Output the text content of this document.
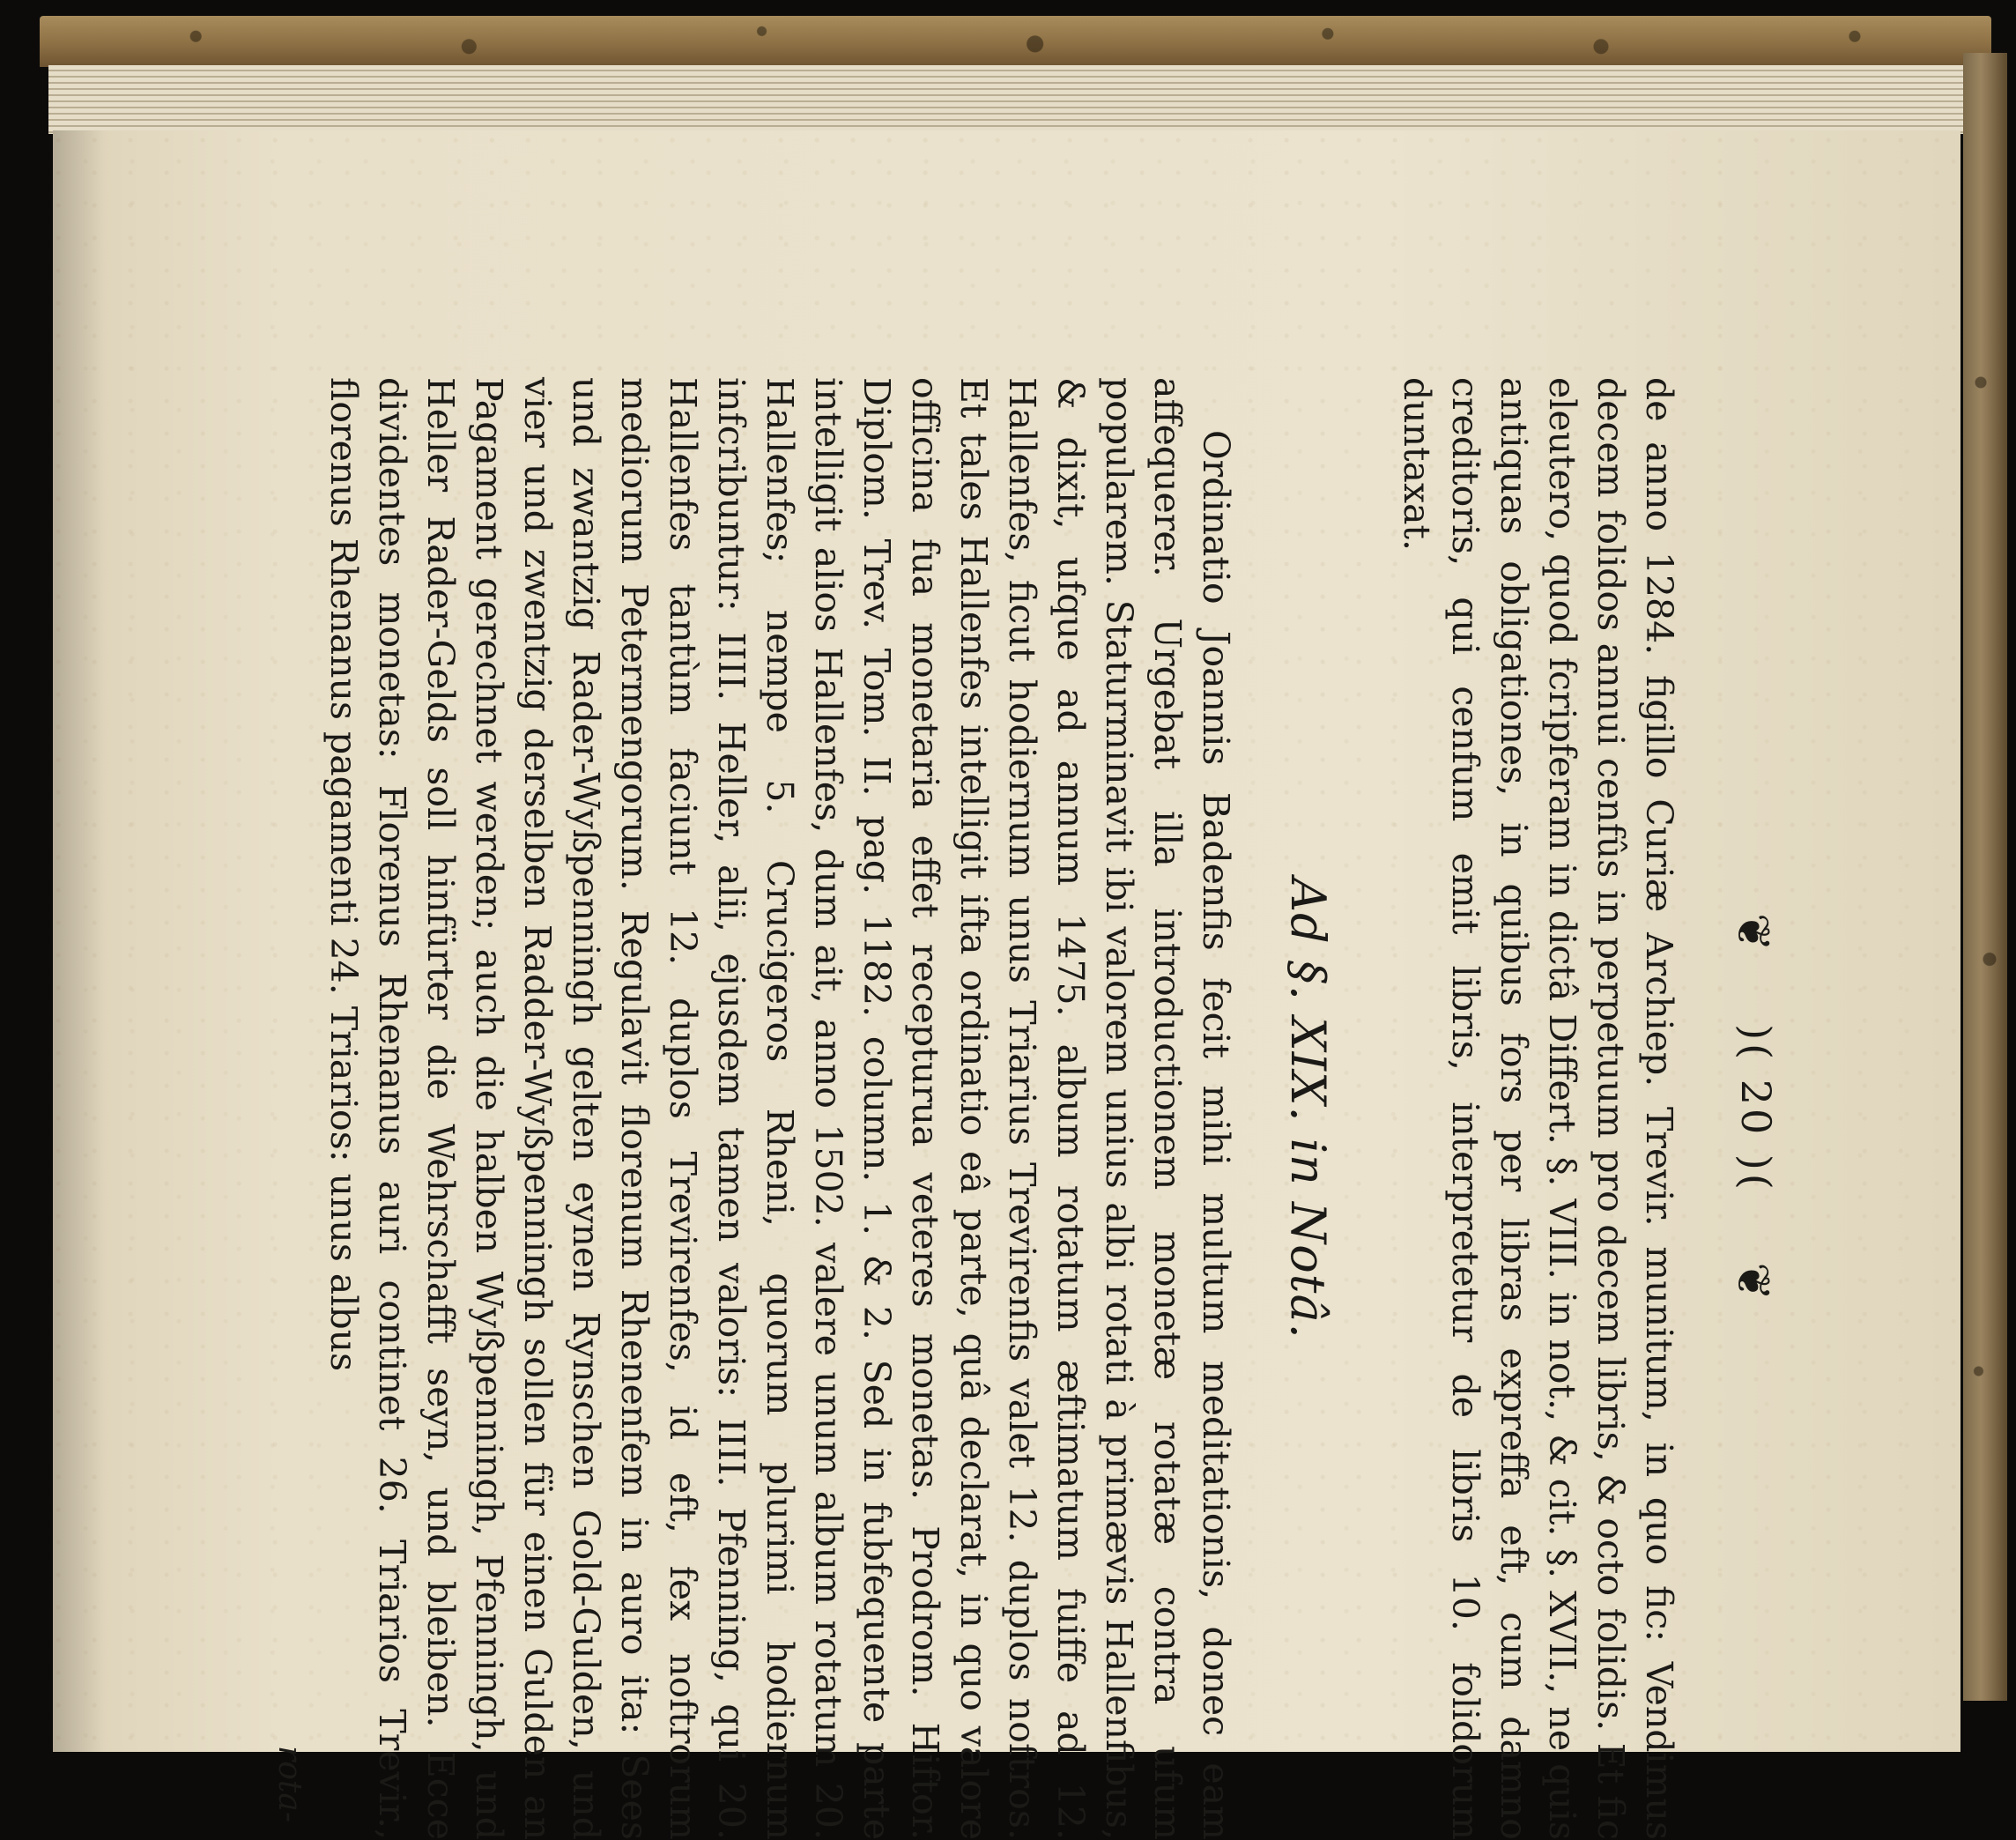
❦ )( 20 )( ❦

de anno 1284. figillo Curiæ Archiep. Trevir. munitum, in quo fic: Vendimus decem folidos annui cenfûs in perpetuum pro decem libris, & octo folidis. Et fic eleutero, quod fcripferam in dictâ Differt. §. VIII. in not., & cit. §. XVII., ne quis antiquas obligationes, in quibus fors per libras expreffa eft, cum damno creditoris, qui cenfum emit libris, interpretetur de libris 10. folidorum duntaxat.

Ad §. XIX. in Notâ.

Ordinatio Joannis Badenfis fecit mihi multum meditationis, donec eam affequerer. Urgebat illa introductionem monetæ rotatæ contra ufum popularem. Staturminavit ibi valorem unius albi rotati à primævis Hallenfibus, & dixit, ufque ad annum 1475. album rotatum æftimatum fuiffe ad 12. Hallenfes, ficut hodiernum unus Triarius Trevirenfis valet 12. duplos noftros. Et tales Hallenfes intelligit ifta ordinatio eâ parte, quâ declarat, in quo valore officina fua monetaria effet recepturua veteres monetas. Prodrom. Hiftor. Diplom. Trev. Tom. II. pag. 1182. column. 1. & 2. Sed in fubfequente parte intelligit alios Hallenfes, dum ait, anno 1502. valere unum album rotatum 20. Hallenfes; nempe 5. Crucigeros Rheni, quorum plurimi hodiernum infcribuntur: IIII. Heller, alii, ejusdem tamen valoris: IIII. Pfenning, qui 20. Hallenfes tantùm faciunt 12. duplos Trevirenfes, id eft, fex noftrorum mediorum Petermengorum. Regulavit florenum Rhenenfem in auro ita: Sees und zwantzig Rader-Wyßpenningh gelten eynen Rynschen Gold-Gulden, und vier und zwentzig derselben Radder-Wyßpenningh sollen für einen Gulden an Pagament gerechnet werden; auch die halben Wyßpenningh, Pfenningh, und Heller Rader-Gelds soll hinfürter die Wehrschafft seyn, und bleiben. Ecce dividentes monetas: Florenus Rhenanus auri continet 26. Triarios Trevir., florenus Rhenanus pagamenti 24. Triarios: unus albus

rota-
